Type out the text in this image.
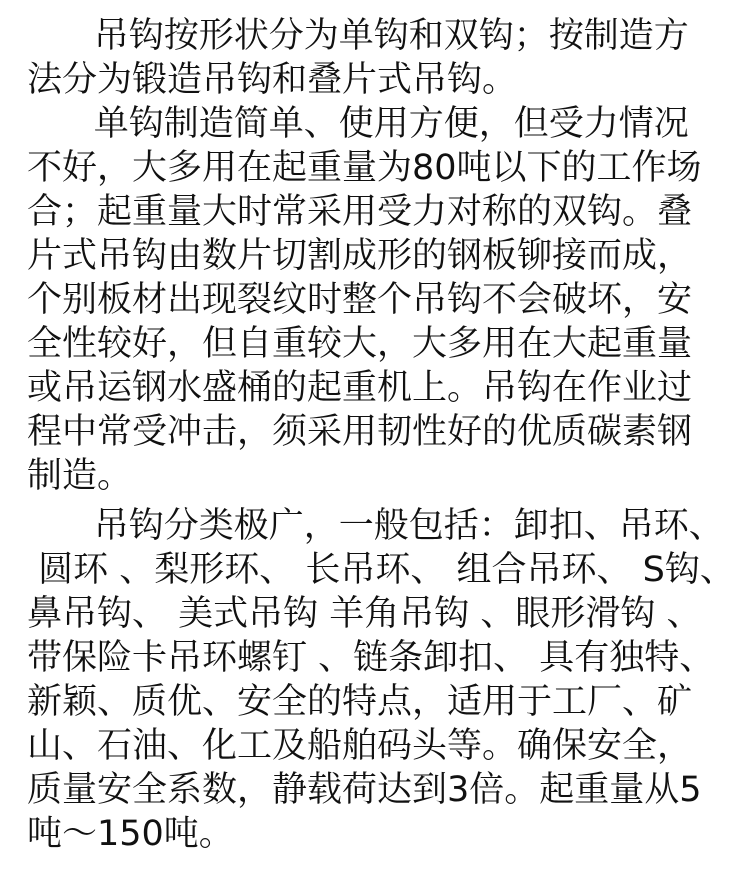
吊钩按形状分为单钩和双钩；按制造方
法分为锻造吊钩和叠片式吊钩。
单钩制造简单、使用方便，但受力情况
不好，大多用在起重量为80吨以下的工作场
合；起重量大时常采用受力对称的双钩。叠
片式吊钩由数片切割成形的钢板铆接而成，
个别板材出现裂纹时整个吊钩不会破坏，安
全性较好，但自重较大，大多用在大起重量
或吊运钢水盛桶的起重机上。吊钩在作业过
程中常受冲击，须采用韧性好的优质碳素钢
制造。
吊钩分类极广，一般包括：卸扣、吊环、
圆环 、梨形环、 长吊环、 组合吊环、 S钩、
鼻吊钩、 美式吊钩 羊角吊钩 、眼形滑钩 、
带保险卡吊环螺钉 、链条卸扣、 具有独特、
新颖、质优、安全的特点，适用于工厂、矿
山、石油、化工及船舶码头等。确保安全，
质量安全系数，静载荷达到3倍。起重量从5
吨～150吨。
